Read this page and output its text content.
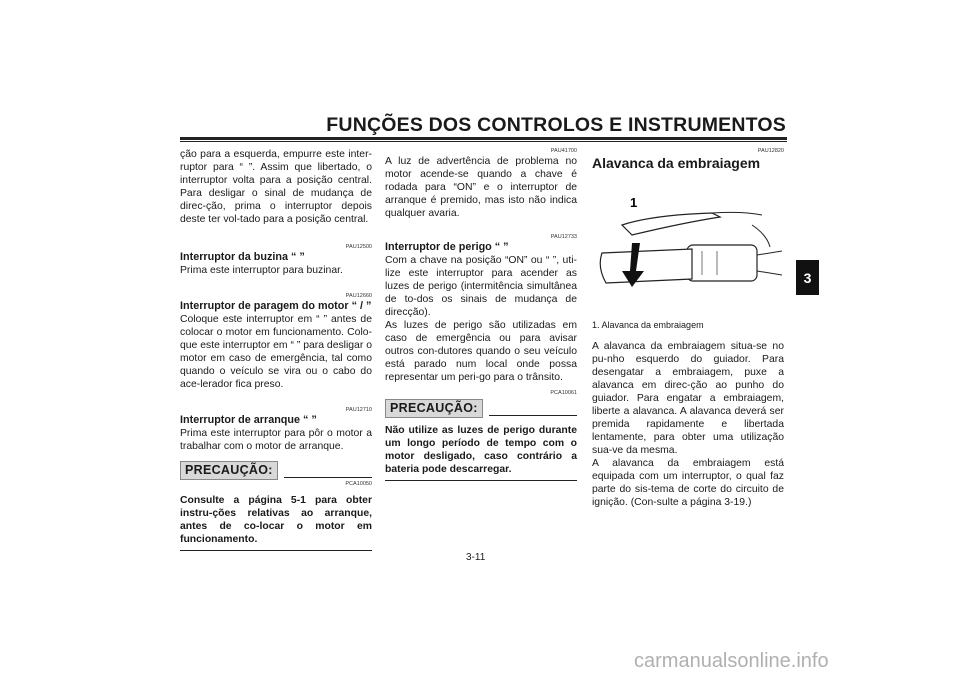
FUNÇÕES DOS CONTROLOS E INSTRUMENTOS
3

ção para a esquerda, empurre este inter-ruptor para “ ”. Assim que libertado, o interruptor volta para a posição central. Para desligar o sinal de mudança de direc-ção, prima o interruptor depois deste ter vol-tado para a posição central.

PAU12500
Interruptor da buzina “ ”

Prima este interruptor para buzinar.

PAU12660
Interruptor de paragem do motor “ / ”

Coloque este interruptor em “ ” antes de colocar o motor em funcionamento. Colo-que este interruptor em “ ” para desligar o motor em caso de emergência, tal como quando o veículo se vira ou o cabo do ace-lerador fica preso.

PAU12710
Interruptor de arranque “ ”

Prima este interruptor para pôr o motor a trabalhar com o motor de arranque.

PRECAUÇÃO:
PCA10050
Consulte a página 5-1 para obter instru-ções relativas ao arranque, antes de co-locar o motor em funcionamento.
PAU41700

A luz de advertência de problema no motor acende-se quando a chave é rodada para “ON” e o interruptor de arranque é premido, mas isto não indica qualquer avaria.

PAU12733
Interruptor de perigo “ ”

Com a chave na posição “ON” ou “ ”, uti-lize este interruptor para acender as luzes de perigo (intermitência simultânea de to-dos os sinais de mudança de direcção).

As luzes de perigo são utilizadas em caso de emergência ou para avisar outros con-dutores quando o seu veículo está parado num local onde possa representar um peri-go para o trânsito.

PCA10061
PRECAUÇÃO:
Não utilize as luzes de perigo durante um longo período de tempo com o motor desligado, caso contrário a bateria pode descarregar.
PAU12820
Alavanca da embraiagem
1
1. Alavanca da embraiagem

A alavanca da embraiagem situa-se no pu-nho esquerdo do guiador. Para desengatar a embraiagem, puxe a alavanca em direc-ção ao punho do guiador. Para engatar a embraiagem, liberte a alavanca. A alavanca deverá ser premida rapidamente e libertada lentamente, para obter uma utilização sua-ve da mesma.

A alavanca da embraiagem está equipada com um interruptor, o qual faz parte do sis-tema de corte do circuito de ignição. (Con-sulte a página 3-19.)

3-11
carmanualsonline.info
